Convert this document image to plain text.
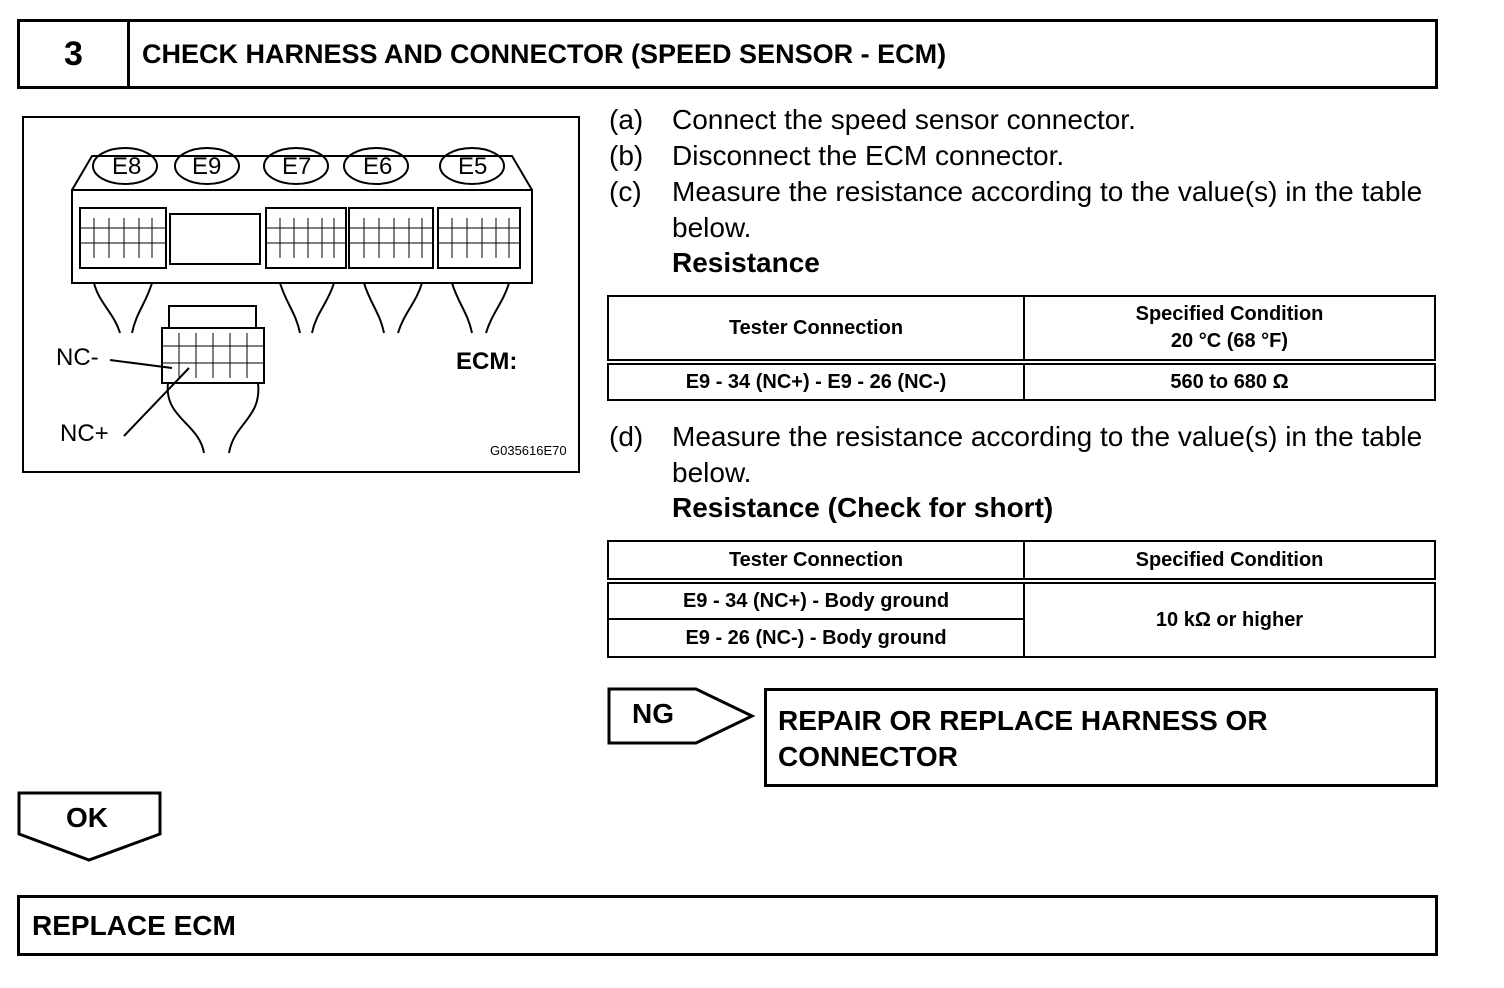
3	CHECK HARNESS AND CONNECTOR (SPEED SENSOR - ECM)
E8 E9	E7 E6	E5
NC-
NC+
ECM:
G035616E70
(a) Connect the speed sensor connector.
(b) Disconnect the ECM connector.
(c) Measure the resistance according to the value(s) in the table below.
Resistance
Tester Connection	Specified Condition
20 °C (68 °F)

E9 - 34 (NC+) - E9 - 26 (NC-)	560 to 680 Ω
(d) Measure the resistance according to the value(s) in the table below.
Resistance (Check for short)
Tester Connection	Specified Condition
E9 - 34 (NC+) - Body ground	10 kΩ or higher
E9 - 26 (NC-) - Body ground	
NG	REPAIR OR REPLACE HARNESS OR CONNECTOR
OK
REPLACE ECM
